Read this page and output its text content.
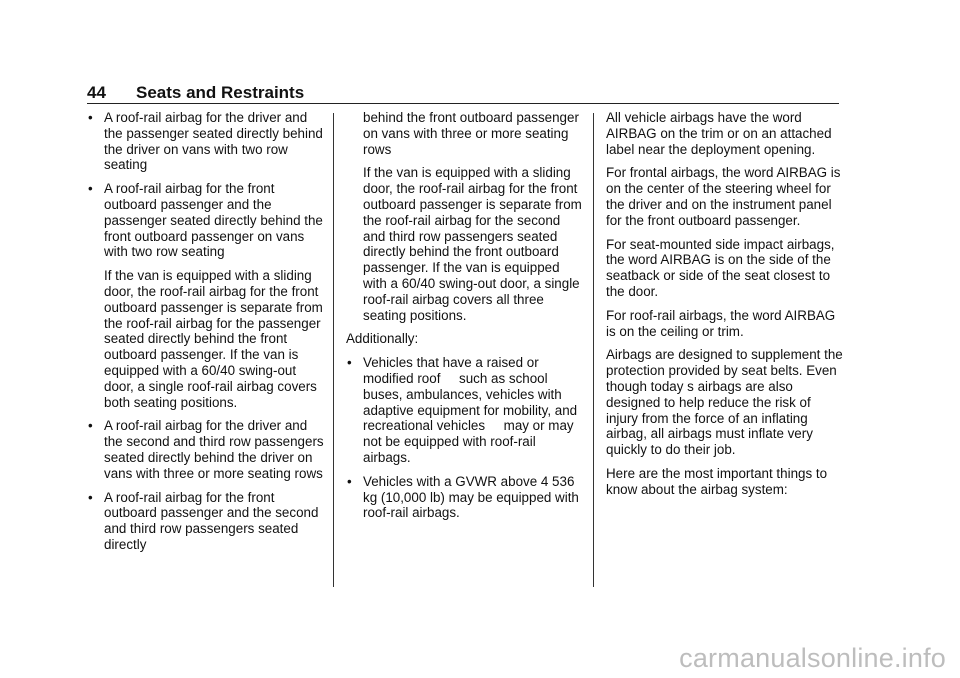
44 Seats and Restraints
• A roof-rail airbag for the driver and the passenger seated directly behind the driver on vans with two row seating
• A roof-rail airbag for the front outboard passenger and the passenger seated directly behind the front outboard passenger on vans with two row seating
If the van is equipped with a sliding door, the roof-rail airbag for the front outboard passenger is separate from the roof-rail airbag for the passenger seated directly behind the front outboard passenger. If the van is equipped with a 60/40 swing-out door, a single roof-rail airbag covers both seating positions.
• A roof-rail airbag for the driver and the second and third row passengers seated directly behind the driver on vans with three or more seating rows
• A roof-rail airbag for the front outboard passenger and the second and third row passengers seated directly
behind the front outboard passenger on vans with three or more seating rows
If the van is equipped with a sliding door, the roof-rail airbag for the front outboard passenger is separate from the roof-rail airbag for the second and third row passengers seated directly behind the front outboard passenger. If the van is equipped with a 60/40 swing-out door, a single roof-rail airbag covers all three seating positions.
Additionally:
• Vehicles that have a raised or modified roof     such as school buses, ambulances, vehicles with adaptive equipment for mobility, and recreational vehicles     may or may not be equipped with roof-rail airbags.
• Vehicles with a GVWR above 4 536 kg (10,000 lb) may be equipped with roof-rail airbags.
All vehicle airbags have the word AIRBAG on the trim or on an attached label near the deployment opening.
For frontal airbags, the word AIRBAG is on the center of the steering wheel for the driver and on the instrument panel for the front outboard passenger.
For seat-mounted side impact airbags, the word AIRBAG is on the side of the seatback or side of the seat closest to the door.
For roof-rail airbags, the word AIRBAG is on the ceiling or trim.
Airbags are designed to supplement the protection provided by seat belts. Even though today s airbags are also designed to help reduce the risk of injury from the force of an inflating airbag, all airbags must inflate very quickly to do their job.
Here are the most important things to know about the airbag system:
carmanualsonline.info
